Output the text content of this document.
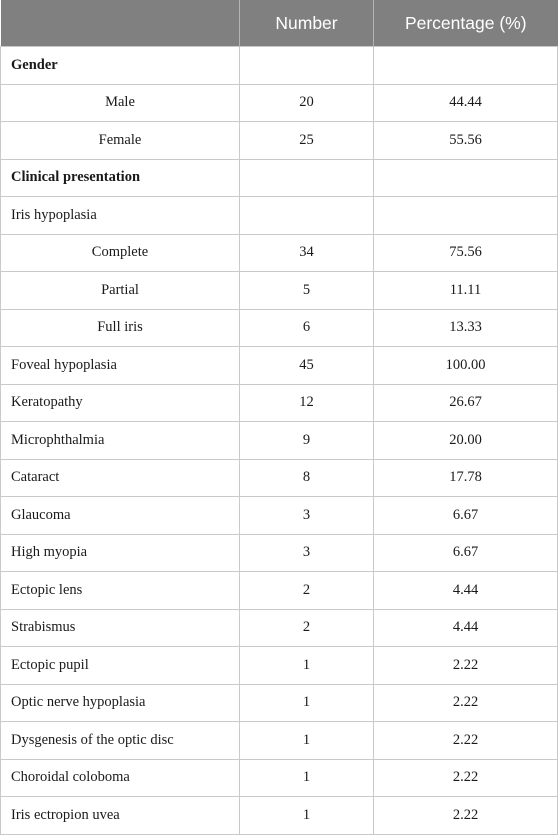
	Number	Percentage (%)
Gender		
Male	20	44.44
Female	25	55.56
Clinical presentation		
Iris hypoplasia		
Complete	34	75.56
Partial	5	11.11
Full iris	6	13.33
Foveal hypoplasia	45	100.00
Keratopathy	12	26.67
Microphthalmia	9	20.00
Cataract	8	17.78
Glaucoma	3	6.67
High myopia	3	6.67
Ectopic lens	2	4.44
Strabismus	2	4.44
Ectopic pupil	1	2.22
Optic nerve hypoplasia	1	2.22
Dysgenesis of the optic disc	1	2.22
Choroidal coloboma	1	2.22
Iris ectropion uvea	1	2.22
